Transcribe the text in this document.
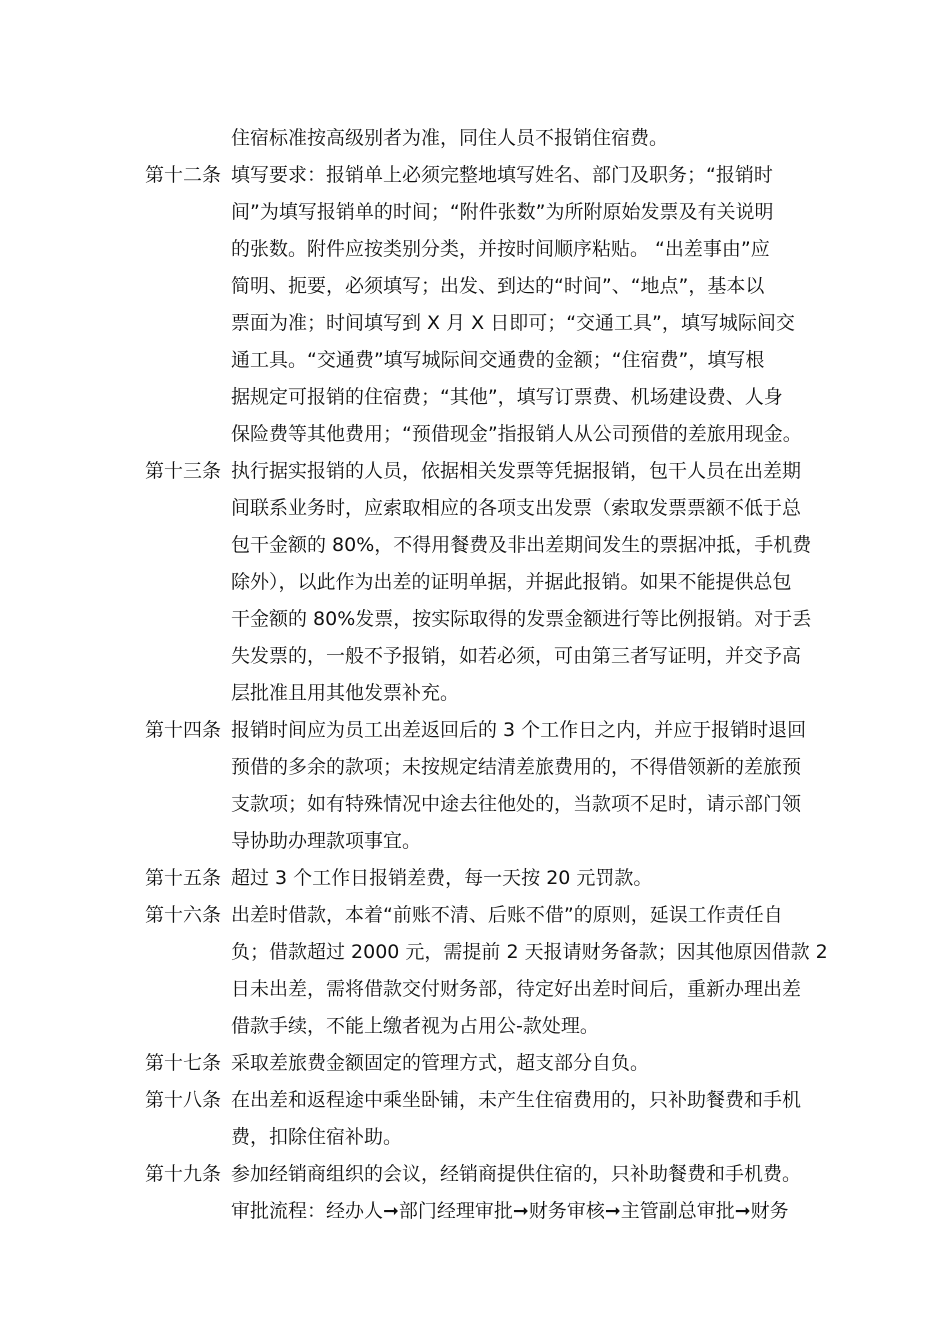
住宿标准按高级别者为准，同住人员不报销住宿费。
第十二条 填写要求：报销单上必须完整地填写姓名、部门及职务；“报销时
间”为填写报销单的时间；“附件张数”为所附原始发票及有关说明
的张数。附件应按类别分类，并按时间顺序粘贴。 “出差事由”应
简明、扼要，必须填写；出发、到达的“时间”、“地点”，基本以
票面为准；时间填写到 X 月 X 日即可；“交通工具”，填写城际间交
通工具。“交通费”填写城际间交通费的金额；“住宿费”，填写根
据规定可报销的住宿费；“其他”，填写订票费、机场建设费、人身
保险费等其他费用；“预借现金”指报销人从公司预借的差旅用现金。
第十三条 执行据实报销的人员，依据相关发票等凭据报销，包干人员在出差期
间联系业务时，应索取相应的各项支出发票（索取发票票额不低于总
包干金额的 80%，不得用餐费及非出差期间发生的票据冲抵，手机费
除外），以此作为出差的证明单据，并据此报销。如果不能提供总包
干金额的 80%发票，按实际取得的发票金额进行等比例报销。对于丢
失发票的，一般不予报销，如若必须，可由第三者写证明，并交予高
层批准且用其他发票补充。
第十四条 报销时间应为员工出差返回后的 3 个工作日之内，并应于报销时退回
预借的多余的款项；未按规定结清差旅费用的，不得借领新的差旅预
支款项；如有特殊情况中途去往他处的，当款项不足时，请示部门领
导协助办理款项事宜。
第十五条 超过 3 个工作日报销差费，每一天按 20 元罚款。
第十六条 出差时借款，本着“前账不清、后账不借”的原则，延误工作责任自
负；借款超过 2000 元，需提前 2 天报请财务备款；因其他原因借款 2
日未出差，需将借款交付财务部，待定好出差时间后，重新办理出差
借款手续，不能上缴者视为占用公-款处理。
第十七条 采取差旅费金额固定的管理方式，超支部分自负。
第十八条 在出差和返程途中乘坐卧铺，未产生住宿费用的，只补助餐费和手机
费，扣除住宿补助。
第十九条 参加经销商组织的会议，经销商提供住宿的，只补助餐费和手机费。
审批流程：经办人➞部门经理审批➞财务审核➞主管副总审批➞财务
